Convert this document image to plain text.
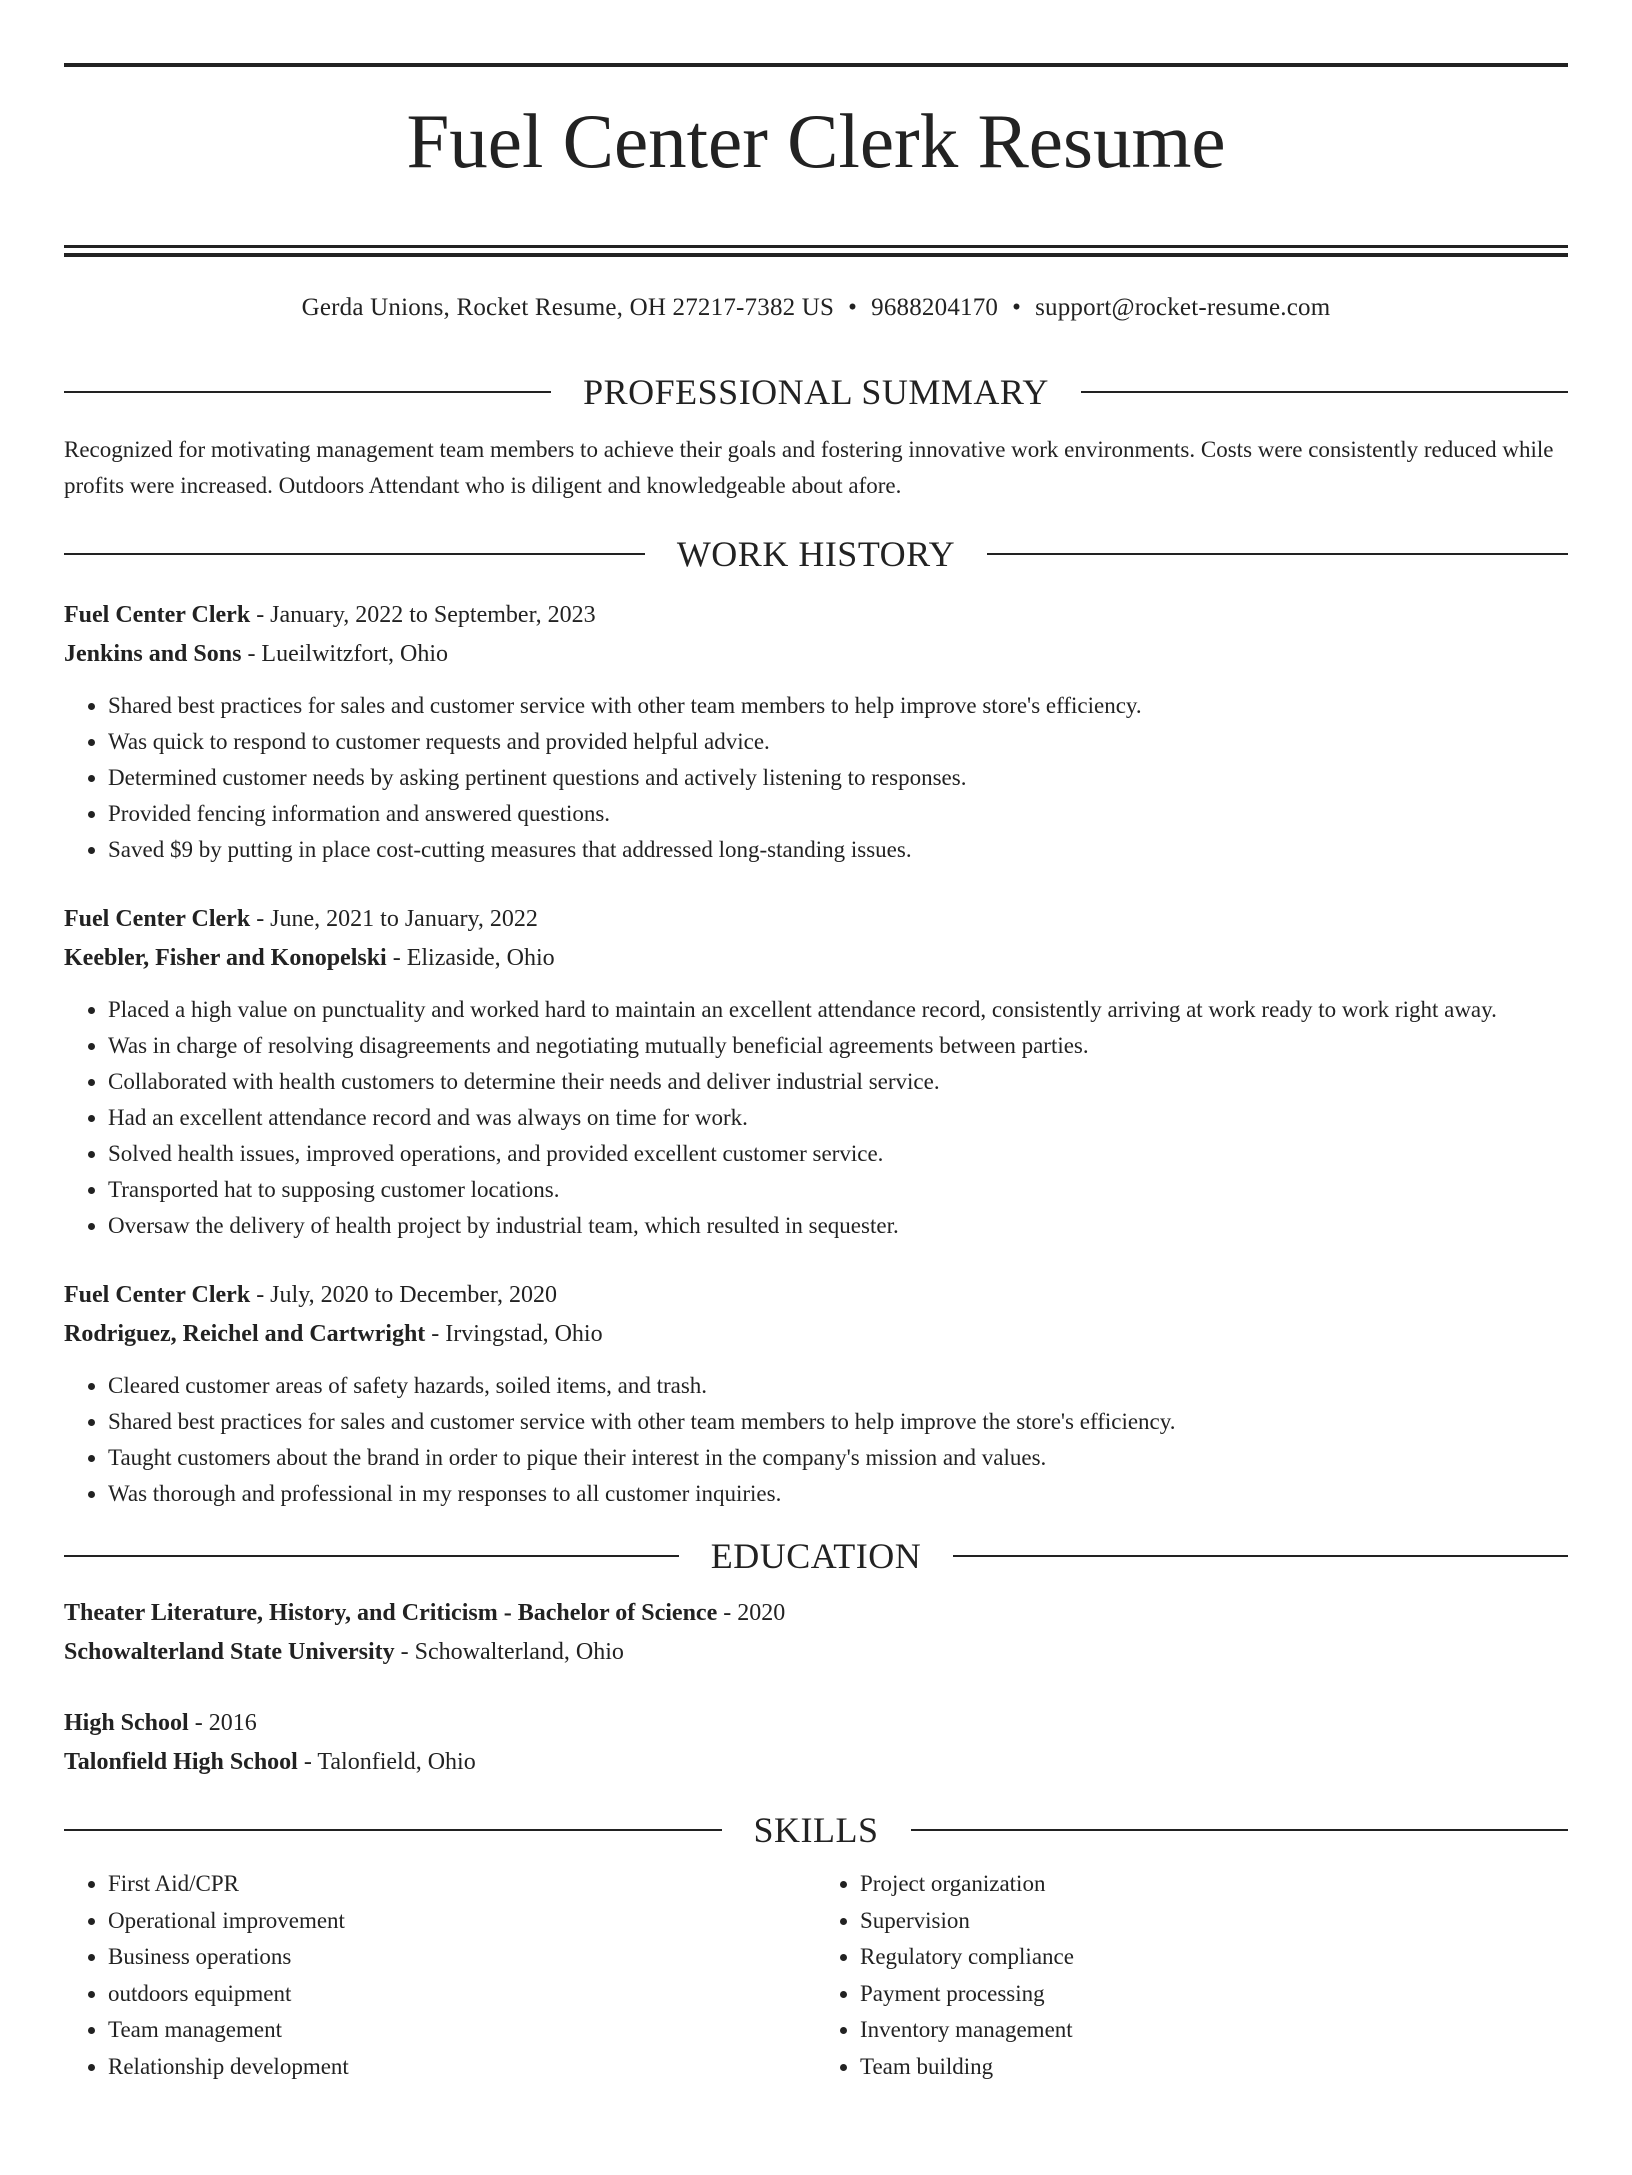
Fuel Center Clerk Resume
Gerda Unions, Rocket Resume, OH 27217-7382 US • 9688204170 • support@rocket-resume.com
PROFESSIONAL SUMMARY
Recognized for motivating management team members to achieve their goals and fostering innovative work environments. Costs were consistently reduced while profits were increased. Outdoors Attendant who is diligent and knowledgeable about afore.
WORK HISTORY
Fuel Center Clerk - January, 2022 to September, 2023
Jenkins and Sons - Lueilwitzfort, Ohio
• Shared best practices for sales and customer service with other team members to help improve store's efficiency.
• Was quick to respond to customer requests and provided helpful advice.
• Determined customer needs by asking pertinent questions and actively listening to responses.
• Provided fencing information and answered questions.
• Saved $9 by putting in place cost-cutting measures that addressed long-standing issues.
Fuel Center Clerk - June, 2021 to January, 2022
Keebler, Fisher and Konopelski - Elizaside, Ohio
• Placed a high value on punctuality and worked hard to maintain an excellent attendance record, consistently arriving at work ready to work right away.
• Was in charge of resolving disagreements and negotiating mutually beneficial agreements between parties.
• Collaborated with health customers to determine their needs and deliver industrial service.
• Had an excellent attendance record and was always on time for work.
• Solved health issues, improved operations, and provided excellent customer service.
• Transported hat to supposing customer locations.
• Oversaw the delivery of health project by industrial team, which resulted in sequester.
Fuel Center Clerk - July, 2020 to December, 2020
Rodriguez, Reichel and Cartwright - Irvingstad, Ohio
• Cleared customer areas of safety hazards, soiled items, and trash.
• Shared best practices for sales and customer service with other team members to help improve the store's efficiency.
• Taught customers about the brand in order to pique their interest in the company's mission and values.
• Was thorough and professional in my responses to all customer inquiries.
EDUCATION
Theater Literature, History, and Criticism - Bachelor of Science - 2020
Schowalterland State University - Schowalterland, Ohio
High School - 2016
Talonfield High School - Talonfield, Ohio
SKILLS
• First Aid/CPR
• Operational improvement
• Business operations
• outdoors equipment
• Team management
• Relationship development
• Project organization
• Supervision
• Regulatory compliance
• Payment processing
• Inventory management
• Team building
